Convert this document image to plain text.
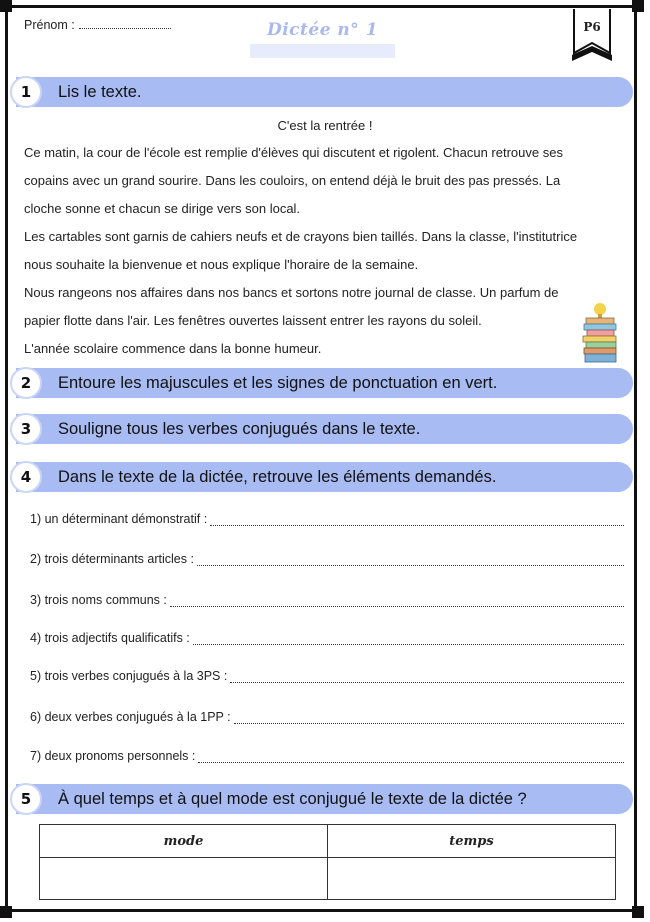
Prénom :	Dictée n° 1	P6
1	Lis le texte.
C'est la rentrée !

Ce matin, la cour de l'école est remplie d'élèves qui discutent et rigolent. Chacun retrouve ses

copains avec un grand sourire. Dans les couloirs, on entend déjà le bruit des pas pressés. La

cloche sonne et chacun se dirige vers son local.

Les cartables sont garnis de cahiers neufs et de crayons bien taillés. Dans la classe, l'institutrice

nous souhaite la bienvenue et nous explique l'horaire de la semaine.

Nous rangeons nos affaires dans nos bancs et sortons notre journal de classe. Un parfum de

papier flotte dans l'air. Les fenêtres ouvertes laissent entrer les rayons du soleil.

L'année scolaire commence dans la bonne humeur.

2	Entoure les majuscules et les signes de ponctuation en vert.
3	Souligne tous les verbes conjugués dans le texte.
4	Dans le texte de la dictée, retrouve les éléments demandés.
1) un déterminant démonstratif :
2) trois déterminants articles :
3) trois noms communs :
4) trois adjectifs qualificatifs :
5) trois verbes conjugués à la 3PS :
6) deux verbes conjugués à la 1PP :
7) deux pronoms personnels :
5	À quel temps et à quel mode est conjugué le texte de la dictée ?
mode	temps
